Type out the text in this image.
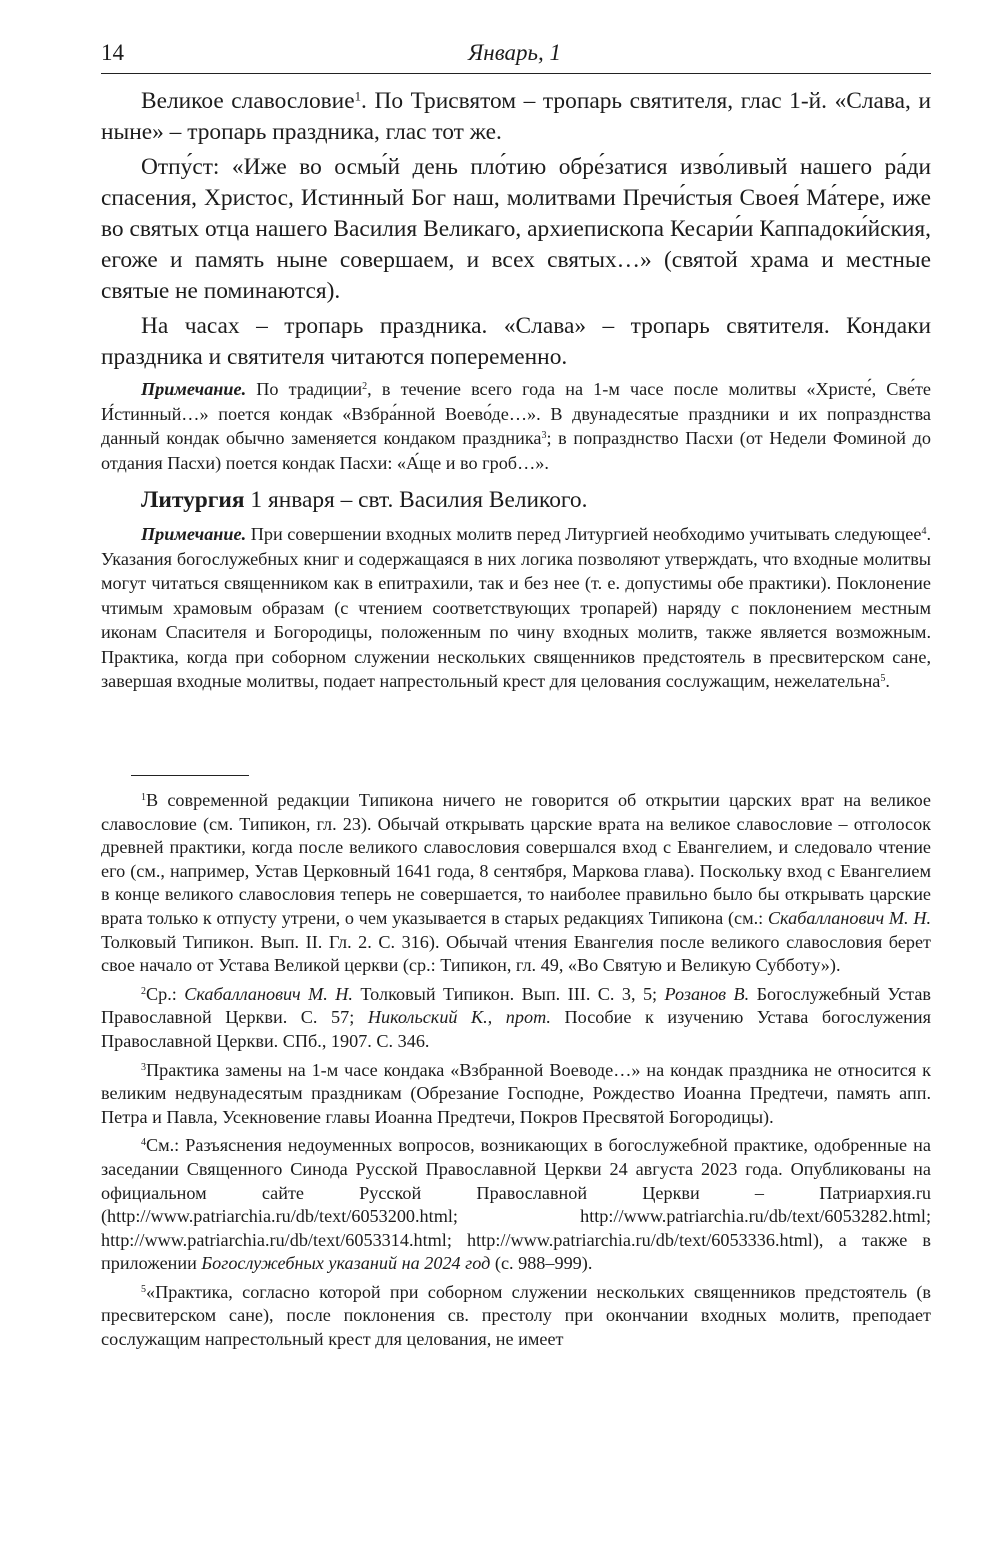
14	Январь, 1

Великое славословие$^1$. По Трисвятом – тропарь святителя, глас 1-й. «Слава, и ныне» – тропарь праздника, глас тот же.

Отпу́ст: «Иже во осмы́й день пло́тию обре́затися изво́ливый нашего ра́ди спасения, Христос, Истинный Бог наш, молитвами Пречи́стыя Своея́ Ма́тере, иже во святых отца нашего Василия Великаго, архиепископа Кесари́и Каппадоки́йския, егоже и память ныне совершаем, и всех святых…» (святой храма и местные святые не поминаются).

На часах – тропарь праздника. «Слава» – тропарь святителя. Кондаки праздника и святителя читаются попеременно.

Примечание. По традиции$^2$, в течение всего года на 1-м часе после молитвы «Христе́, Све́те И́стинный…» поется кондак «Взбра́нной Воево́де…». В двунадесятые праздники и их попразднства данный кондак обычно заменяется кондаком праздника$^3$; в попразднство Пасхи (от Недели Фоминой до отдания Пасхи) поется кондак Пасхи: «А́ще и во гроб…».
Литургия 1 января – свт. Василия Великого.
Примечание. При совершении входных молитв перед Литургией необходимо учитывать следующее$^4$. Указания богослужебных книг и содержащаяся в них логика позволяют утверждать, что входные молитвы могут читаться священником как в епитрахили, так и без нее (т. е. допустимы обе практики). Поклонение чтимым храмовым образам (с чтением соответствующих тропарей) наряду с поклонением местным иконам Спасителя и Богородицы, положенным по чину входных молитв, также является возможным. Практика, когда при соборном служении нескольких священников предстоятель в пресвитерском сане, завершая входные молитвы, подает напрестольный крест для целования сослужащим, нежелательна$^5$.

$^1$В современной редакции Типикона ничего не говорится об открытии царских врат на великое славословие (см. Типикон, гл. 23). Обычай открывать царские врата на великое славословие – отголосок древней практики, когда после великого славословия совершался вход с Евангелием, и следовало чтение его (см., например, Устав Церковный 1641 года, 8 сентября, Маркова глава). Поскольку вход с Евангелием в конце великого славословия теперь не совершается, то наиболее правильно было бы открывать царские врата только к отпусту утрени, о чем указывается в старых редакциях Типикона (см.: Скабаллaнович М. Н. Толковый Типикон. Вып. II. Гл. 2. С. 316). Обычай чтения Евангелия после великого славословия берет свое начало от Устава Великой церкви (ср.: Типикон, гл. 49, «Во Святую и Великую Субботу»).

$^2$Ср.: Скабалланович М. Н. Толковый Типикон. Вып. III. С. 3, 5; Розанов В. Богослужебный Устав Православной Церкви. С. 57; Никольский К., прот. Пособие к изучению Устава богослужения Православной Церкви. СПб., 1907. С. 346.

$^3$Практика замены на 1-м часе кондака «Взбранной Воеводе…» на кондак праздника не относится к великим недвунадесятым праздникам (Обрезание Господне, Рождество Иоанна Предтечи, память апп. Петра и Павла, Усекновение главы Иоанна Предтечи, Покров Пресвятой Богородицы).

$^4$См.: Разъяснения недоуменных вопросов, возникающих в богослужебной практике, одобренные на заседании Священного Синода Русской Православной Церкви 24 августа 2023 года. Опубликованы на официальном сайте Русской Православной Церкви – Патриархия.ru (http://www.patriarchia.ru/db/text/6053200.html; http://www.patriarchia.ru/db/text/6053282.html; http://www.patriarchia.ru/db/text/6053314.html; http://www.patriarchia.ru/db/text/6053336.html), а также в приложении Богослужебных указаний на 2024 год (с. 988–999).

$^5$«Практика, согласно которой при соборном служении нескольких священников предстоятель (в пресвитерском сане), после поклонения св. престолу при окончании входных молитв, преподает сослужащим напрестольный крест для целования, не имеет
